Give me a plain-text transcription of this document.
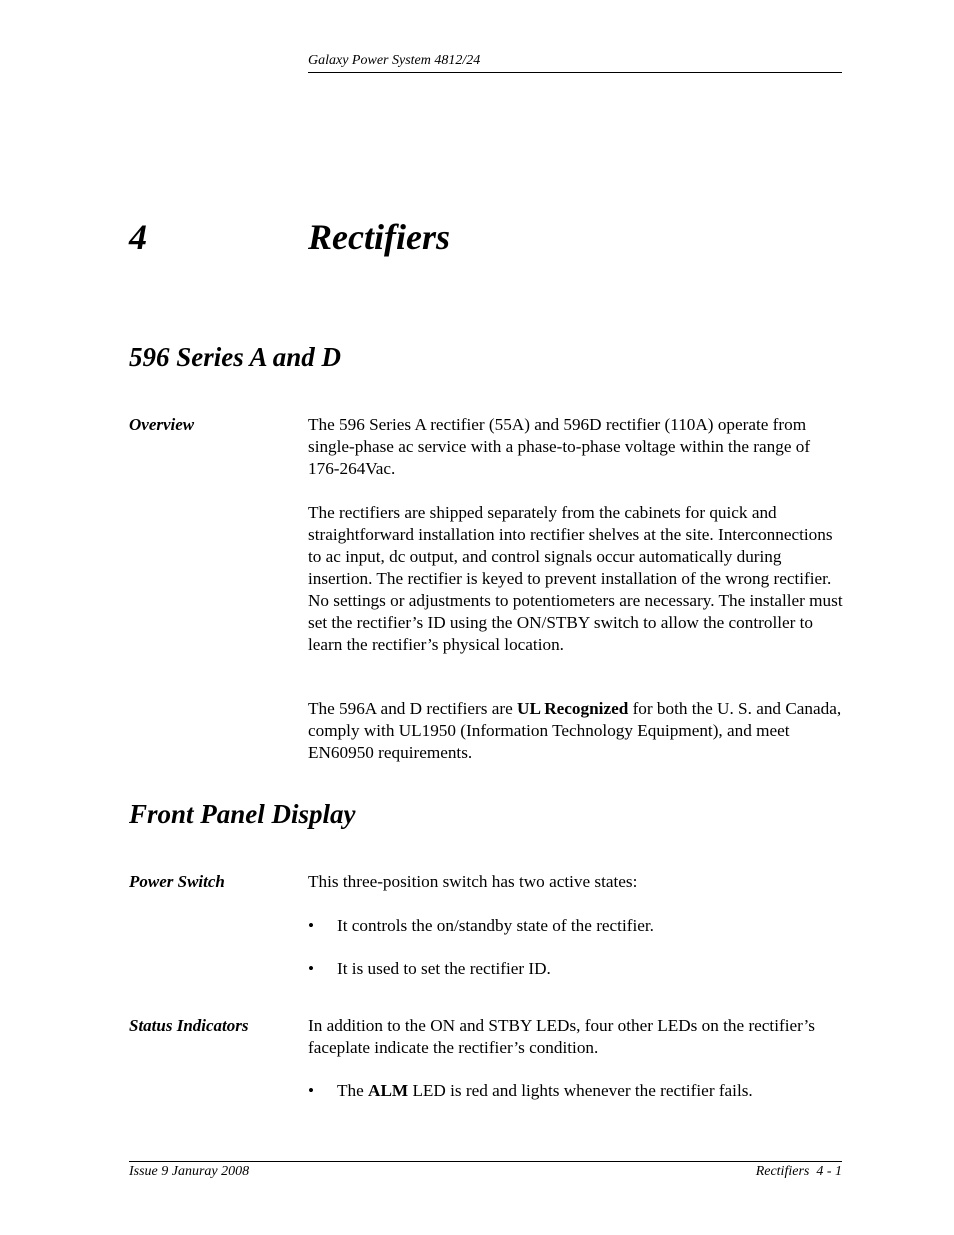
Galaxy Power System 4812/24
4	Rectifiers
596 Series A and D
Overview	The 596 Series A rectifier (55A) and 596D rectifier (110A) operate from single-phase ac service with a phase-to-phase voltage within the range of 176-264Vac.

The rectifiers are shipped separately from the cabinets for quick and straightforward installation into rectifier shelves at the site. Interconnections to ac input, dc output, and control signals occur automatically during insertion. The rectifier is keyed to prevent installation of the wrong rectifier. No settings or adjustments to potentiometers are necessary. The installer must set the rectifier’s ID using the ON/STBY switch to allow the controller to learn the rectifier’s physical location.

The 596A and D rectifiers are UL Recognized for both the U. S. and Canada, comply with UL1950 (Information Technology Equipment), and meet EN60950 requirements.

Front Panel Display
Power Switch	This three-position switch has two active states:

• It controls the on/standby state of the rectifier.
• It is used to set the rectifier ID.
Status Indicators	In addition to the ON and STBY LEDs, four other LEDs on the rectifier’s faceplate indicate the rectifier’s condition.

• The ALM LED is red and lights whenever the rectifier fails.
Issue 9 Januray 2008	Rectifiers  4 - 1
